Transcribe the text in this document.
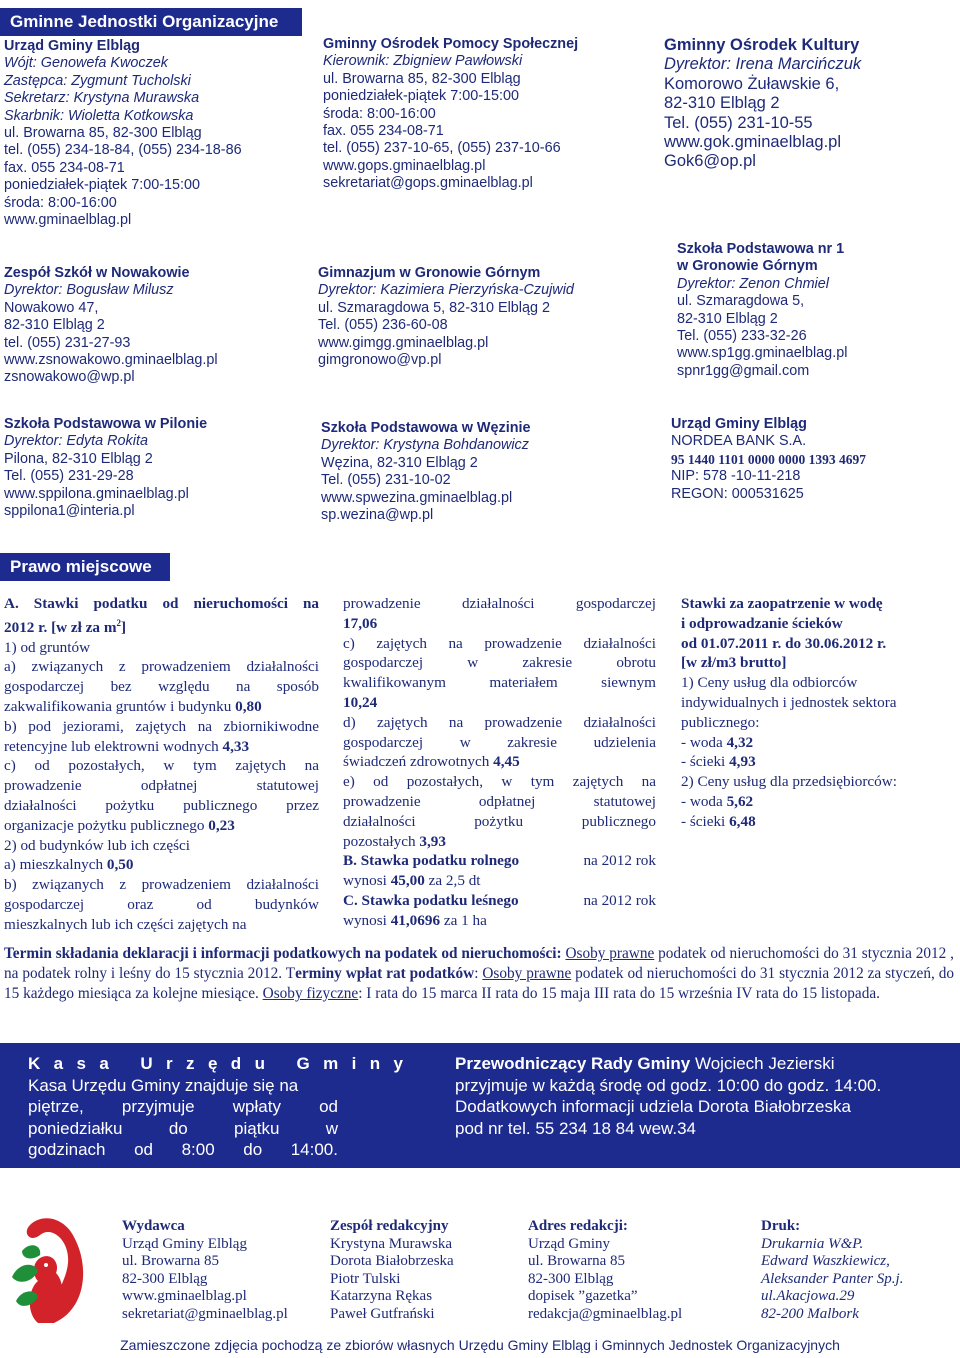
Gminne Jednostki Organizacyjne
Urząd Gminy Elbląg
Wójt: Genowefa Kwoczek
Zastępca: Zygmunt Tucholski
Sekretarz: Krystyna Murawska
Skarbnik: Wioletta Kotkowska
ul. Browarna 85, 82-300 Elbląg
tel. (055) 234-18-84, (055) 234-18-86
fax. 055 234-08-71
poniedziałek-piątek 7:00-15:00
środa: 8:00-16:00
www.gminaelblag.pl
Gminny Ośrodek Pomocy Społecznej
Kierownik: Zbigniew Pawłowski
ul. Browarna 85, 82-300 Elbląg
poniedziałek-piątek 7:00-15:00
środa: 8:00-16:00
fax. 055 234-08-71
tel. (055) 237-10-65, (055) 237-10-66
www.gops.gminaelblag.pl
sekretariat@gops.gminaelblag.pl
Gminny Ośrodek Kultury
Dyrektor: Irena Marcińczuk
Komorowo Żuławskie 6,
82-310 Elbląg 2
Tel. (055) 231-10-55
www.gok.gminaelblag.pl
Gok6@op.pl
Zespół Szkół w Nowakowie
Dyrektor: Bogusław Milusz
Nowakowo 47,
82-310 Elbląg 2
tel. (055) 231-27-93
www.zsnowakowo.gminaelblag.pl
zsnowakowo@wp.pl
Gimnazjum w Gronowie Górnym
Dyrektor: Kazimiera Pierzyńska-Czujwid
ul. Szmaragdowa 5, 82-310 Elbląg 2
Tel. (055) 236-60-08
www.gimgg.gminaelblag.pl
gimgronowo@vp.pl
Szkoła Podstawowa nr 1
w Gronowie Górnym
Dyrektor: Zenon Chmiel
ul. Szmaragdowa 5,
82-310 Elbląg 2
Tel. (055) 233-32-26
www.sp1gg.gminaelblag.pl
spnr1gg@gmail.com
Szkoła Podstawowa w Pilonie
Dyrektor: Edyta Rokita
Pilona, 82-310 Elbląg 2
Tel. (055) 231-29-28
www.sppilona.gminaelblag.pl
sppilona1@interia.pl
Szkoła Podstawowa w Węzinie
Dyrektor: Krystyna Bohdanowicz
Węzina, 82-310 Elbląg 2
Tel. (055) 231-10-02
www.spwezina.gminaelblag.pl
sp.wezina@wp.pl
Urząd Gminy Elbląg
NORDEA BANK S.A.
95 1440 1101 0000 0000 1393 4697
NIP: 578 -10-11-218
REGON: 000531625
Prawo miejscowe
A. Stawki podatku od nieruchomości na
2012 r. [w zł za $m^2$]
1) od gruntów
a) związanych z prowadzeniem działalności
gospodarczej bez względu na sposób
zakwalifikowania gruntów i budynku 0,80
b) pod jeziorami, zajętych na zbiornikiwodne
retencyjne lub elektrowni wodnych 4,33
c) od pozostałych, w tym zajętych na
prowadzenie odpłatnej statutowej
działalności pożytku publicznego przez
organizacje pożytku publicznego 0,23
2) od budynków lub ich części
a) mieszkalnych 0,50
b) związanych z prowadzeniem działalności
gospodarczej oraz od budynków
mieszkalnych lub ich części zajętych na
prowadzenie działalności gospodarczej
17,06
c) zajętych na prowadzenie działalności
gospodarczej w zakresie obrotu
kwalifikowanym materiałem siewnym
10,24
d) zajętych na prowadzenie działalności
gospodarczej w zakresie udzielenia
świadczeń zdrowotnych 4,45
e) od pozostałych, w tym zajętych na
prowadzenie odpłatnej statutowej
działalności pożytku publicznego
pozostałych 3,93
B. Stawka podatku rolnego	na 2012 rok
wynosi 45,00 za 2,5 dt
C. Stawka podatku leśnego	na 2012 rok
wynosi 41,0696 za 1 ha
Stawki za zaopatrzenie w wodę
i odprowadzanie ścieków
od 01.07.2011 r. do 30.06.2012 r.
[w zł/m3 brutto]
1) Ceny usług dla odbiorców
indywidualnych i jednostek sektora
publicznego:
- woda 4,32
- ścieki 4,93
2) Ceny usług dla przedsiębiorców:
- woda 5,62
- ścieki 6,48
Termin składania deklaracji i informacji podatkowych na podatek od nieruchomości: Osoby prawne podatek od nieruchomości do 31 stycznia 2012 , na podatek rolny i leśny do 15 stycznia 2012. Terminy wpłat rat podatków: Osoby prawne podatek od nieruchomości do 31 stycznia 2012 za styczeń, do 15 każdego miesiąca za kolejne miesiące. Osoby fizyczne: I rata do 15 marca II rata do 15 maja III rata do 15 września IV rata do 15 listopada.
Kasa Urzędu Gminy
Kasa Urzędu Gminy znajduje się na
piętrze, przyjmuje wpłaty od
poniedziałku do piątku w
godzinach od 8:00 do 14:00.
Przewodniczący Rady Gminy Wojciech Jezierski
przyjmuje w każdą środę od godz. 10:00 do godz. 14:00.
Dodatkowych informacji udziela Dorota Białobrzeska
pod nr tel. 55 234 18 84 wew.34
Wydawca
Urząd Gminy Elbląg
ul. Browarna 85
82-300 Elbląg
www.gminaelblag.pl
sekretariat@gminaelblag.pl
Zespół redakcyjny
Krystyna Murawska
Dorota Białobrzeska
Piotr Tulski
Katarzyna Rękas
Paweł Gutfrański
Adres redakcji:
Urząd Gminy
ul. Browarna 85
82-300 Elbląg
dopisek ”gazetka”
redakcja@gminaelblag.pl
Druk:
Drukarnia W&P.
Edward Waszkiewicz,
Aleksander Panter Sp.j.
ul.Akacjowa.29
82-200 Malbork
Zamieszczone zdjęcia pochodzą ze zbiorów własnych Urzędu Gminy Elbląg i Gminnych Jednostek Organizacyjnych
